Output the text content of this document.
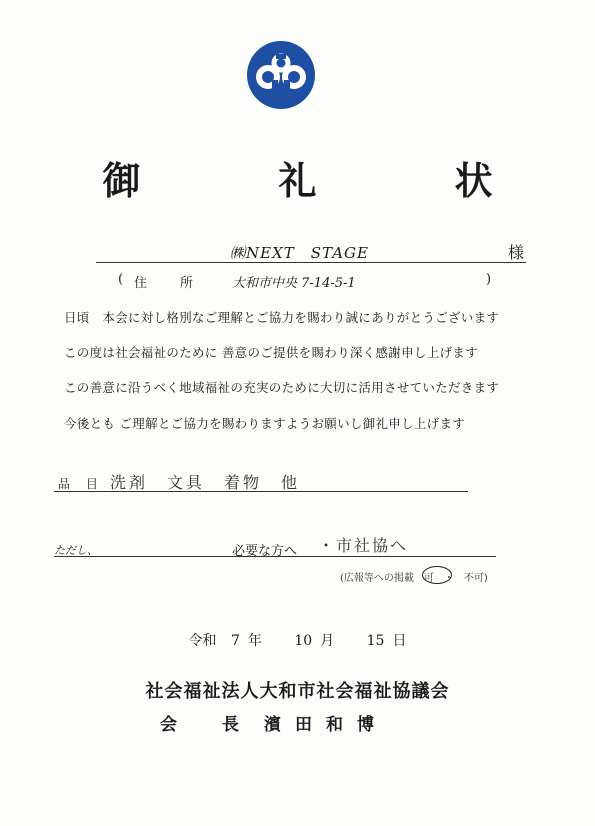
御　礼　状
㈱NEXT　STAGE	様
( 住　所 大和市中央 7-14-5-1	)
日頃　本会に対し格別なご理解とご協力を賜わり誠にありがとうございます
この度は社会福祉のために 善意のご提供を賜わり深く感謝申し上げます
この善意に沿うべく地域福祉の充実のために大切に活用させていただきます
今後とも ご理解とご協力を賜わりますようお願いし御礼申し上げます
品 目 洗剤　文具　着物　他
ただし、	必要な方へ ・市社協へ
(広報等への掲載　可　・　不可)
令和 7 年 10 月 15 日
社会福祉法人大和市社会福祉協議会
会　長 濱田和博
